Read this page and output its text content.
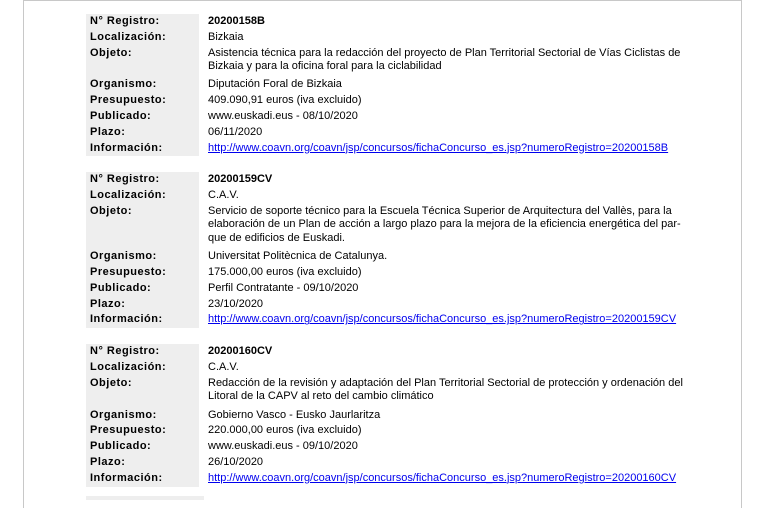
N° Registro:	20200158B
Localización:	Bizkaia
Objeto:	Asistencia técnica para la redacción del proyecto de Plan Territorial Sectorial de Vías Ciclistas de
Bizkaia y para la oficina foral para la ciclabilidad
Organismo:	Diputación Foral de Bizkaia
Presupuesto:	409.090,91 euros (iva excluido)
Publicado:	www.euskadi.eus - 08/10/2020
Plazo:	06/11/2020
Información:	http://www.coavn.org/coavn/jsp/concursos/fichaConcurso_es.jsp?numeroRegistro=20200158B
N° Registro:	20200159CV
Localización:	C.A.V.
Objeto:	Servicio de soporte técnico para la Escuela Técnica Superior de Arquitectura del Vallès, para la
elaboración de un Plan de acción a largo plazo para la mejora de la eficiencia energética del par-
que de edificios de Euskadi.
Organismo:	Universitat Politècnica de Catalunya.
Presupuesto:	175.000,00 euros (iva excluido)
Publicado:	Perfil Contratante - 09/10/2020
Plazo:	23/10/2020
Información:	http://www.coavn.org/coavn/jsp/concursos/fichaConcurso_es.jsp?numeroRegistro=20200159CV
N° Registro:	20200160CV
Localización:	C.A.V.
Objeto:	Redacción de la revisión y adaptación del Plan Territorial Sectorial de protección y ordenación del
Litoral de la CAPV al reto del cambio climático
Organismo:	Gobierno Vasco - Eusko Jaurlaritza
Presupuesto:	220.000,00 euros (iva excluido)
Publicado:	www.euskadi.eus - 09/10/2020
Plazo:	26/10/2020
Información:	http://www.coavn.org/coavn/jsp/concursos/fichaConcurso_es.jsp?numeroRegistro=20200160CV
